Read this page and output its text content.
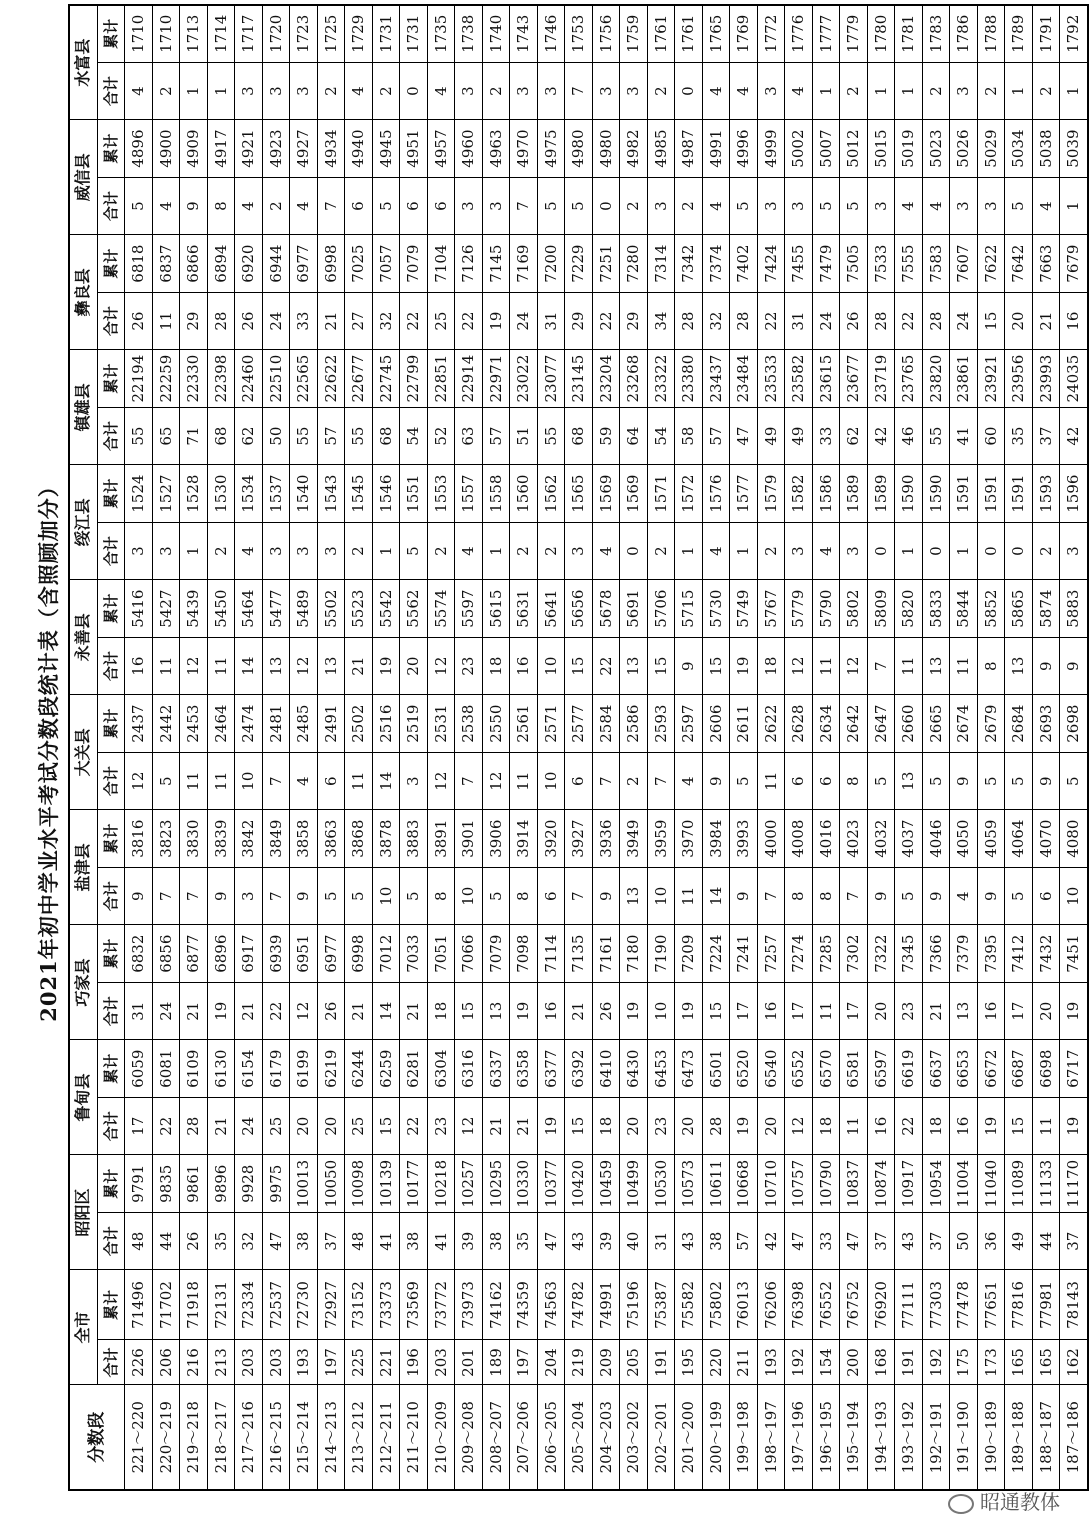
2021年初中学业水平考试分数段统计表（含照顾加分）
分数段	全市		昭阳区		鲁甸县		巧家县		盐津县		大关县		永善县		绥江县		镇雄县		彝良县		威信县		水富县	
	合计	累计	合计	累计	合计	累计	合计	累计	合计	累计	合计	累计	合计	累计	合计	累计	合计	累计	合计	累计	合计	累计	合计	累计
221～220	226	71496	48	9791	17	6059	31	6832	9	3816	12	2437	16	5416	3	1524	55	22194	26	6818	5	4896	4	1710
220～219	206	71702	44	9835	22	6081	24	6856	7	3823	5	2442	11	5427	3	1527	65	22259	11	6837	4	4900	2	1710
219～218	216	71918	26	9861	28	6109	21	6877	7	3830	11	2453	12	5439	1	1528	71	22330	29	6866	9	4909	1	1713
218～217	213	72131	35	9896	21	6130	19	6896	9	3839	11	2464	11	5450	2	1530	68	22398	28	6894	8	4917	1	1714
217～216	203	72334	32	9928	24	6154	21	6917	3	3842	10	2474	14	5464	4	1534	62	22460	26	6920	4	4921	3	1717
216～215	203	72537	47	9975	25	6179	22	6939	7	3849	7	2481	13	5477	3	1537	50	22510	24	6944	2	4923	3	1720
215～214	193	72730	38	10013	20	6199	12	6951	9	3858	4	2485	12	5489	3	1540	55	22565	33	6977	4	4927	3	1723
214～213	197	72927	37	10050	20	6219	26	6977	5	3863	6	2491	13	5502	3	1543	57	22622	21	6998	7	4934	2	1725
213～212	225	73152	48	10098	25	6244	21	6998	5	3868	11	2502	21	5523	2	1545	55	22677	27	7025	6	4940	4	1729
212～211	221	73373	41	10139	15	6259	14	7012	10	3878	14	2516	19	5542	1	1546	68	22745	32	7057	5	4945	2	1731
211～210	196	73569	38	10177	22	6281	21	7033	5	3883	3	2519	20	5562	5	1551	54	22799	22	7079	6	4951	0	1731
210～209	203	73772	41	10218	23	6304	18	7051	8	3891	12	2531	12	5574	2	1553	52	22851	25	7104	6	4957	4	1735
209～208	201	73973	39	10257	12	6316	15	7066	10	3901	7	2538	23	5597	4	1557	63	22914	22	7126	3	4960	3	1738
208～207	189	74162	38	10295	21	6337	13	7079	5	3906	12	2550	18	5615	1	1558	57	22971	19	7145	3	4963	2	1740
207～206	197	74359	35	10330	21	6358	19	7098	8	3914	11	2561	16	5631	2	1560	51	23022	24	7169	7	4970	3	1743
206～205	204	74563	47	10377	19	6377	16	7114	6	3920	10	2571	10	5641	2	1562	55	23077	31	7200	5	4975	3	1746
205～204	219	74782	43	10420	15	6392	21	7135	7	3927	6	2577	15	5656	3	1565	68	23145	29	7229	5	4980	7	1753
204～203	209	74991	39	10459	18	6410	26	7161	9	3936	7	2584	22	5678	4	1569	59	23204	22	7251	0	4980	3	1756
203～202	205	75196	40	10499	20	6430	19	7180	13	3949	2	2586	13	5691	0	1569	64	23268	29	7280	2	4982	3	1759
202～201	191	75387	31	10530	23	6453	10	7190	10	3959	7	2593	15	5706	2	1571	54	23322	34	7314	3	4985	2	1761
201～200	195	75582	43	10573	20	6473	19	7209	11	3970	4	2597	9	5715	1	1572	58	23380	28	7342	2	4987	0	1761
200～199	220	75802	38	10611	28	6501	15	7224	14	3984	9	2606	15	5730	4	1576	57	23437	32	7374	4	4991	4	1765
199～198	211	76013	57	10668	19	6520	17	7241	9	3993	5	2611	19	5749	1	1577	47	23484	28	7402	5	4996	4	1769
198～197	193	76206	42	10710	20	6540	16	7257	7	4000	11	2622	18	5767	2	1579	49	23533	22	7424	3	4999	3	1772
197～196	192	76398	47	10757	12	6552	17	7274	8	4008	6	2628	12	5779	3	1582	49	23582	31	7455	3	5002	4	1776
196～195	154	76552	33	10790	18	6570	11	7285	8	4016	6	2634	11	5790	4	1586	33	23615	24	7479	5	5007	1	1777
195～194	200	76752	47	10837	11	6581	17	7302	7	4023	8	2642	12	5802	3	1589	62	23677	26	7505	5	5012	2	1779
194～193	168	76920	37	10874	16	6597	20	7322	9	4032	5	2647	7	5809	0	1589	42	23719	28	7533	3	5015	1	1780
193～192	191	77111	43	10917	22	6619	23	7345	5	4037	13	2660	11	5820	1	1590	46	23765	22	7555	4	5019	1	1781
192～191	192	77303	37	10954	18	6637	21	7366	9	4046	5	2665	13	5833	0	1590	55	23820	28	7583	4	5023	2	1783
191～190	175	77478	50	11004	16	6653	13	7379	4	4050	9	2674	11	5844	1	1591	41	23861	24	7607	3	5026	3	1786
190～189	173	77651	36	11040	19	6672	16	7395	9	4059	5	2679	8	5852	0	1591	60	23921	15	7622	3	5029	2	1788
189～188	165	77816	49	11089	15	6687	17	7412	5	4064	5	2684	13	5865	0	1591	35	23956	20	7642	5	5034	1	1789
188～187	165	77981	44	11133	11	6698	20	7432	6	4070	9	2693	9	5874	2	1593	37	23993	21	7663	4	5038	2	1791
187～186	162	78143	37	11170	19	6717	19	7451	10	4080	5	2698	9	5883	3	1596	42	24035	16	7679	1	5039	1	1792
昭通教体
